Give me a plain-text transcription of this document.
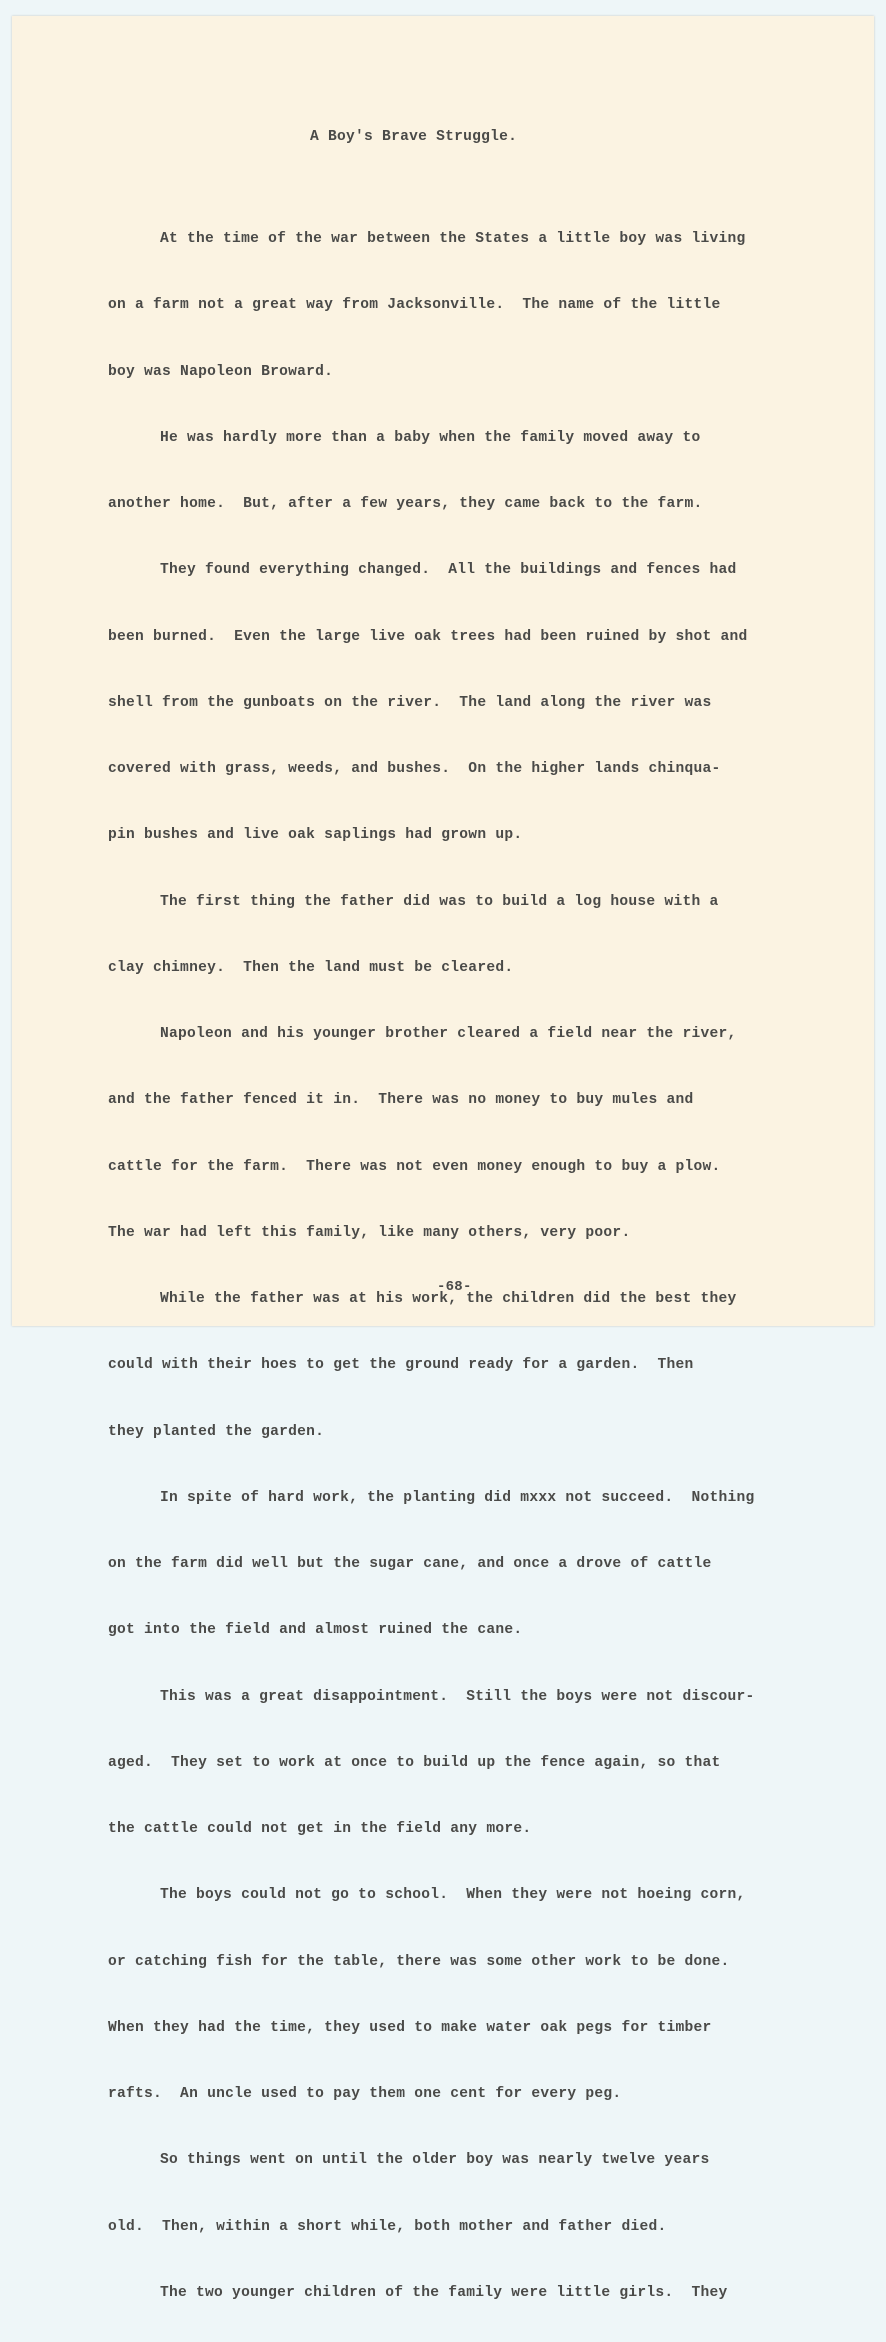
A Boy's Brave Struggle.

At the time of the war between the States a little boy was living

on a farm not a great way from Jacksonville.  The name of the little

boy was Napoleon Broward.

He was hardly more than a baby when the family moved away to

another home.  But, after a few years, they came back to the farm.

They found everything changed.  All the buildings and fences had

been burned.  Even the large live oak trees had been ruined by shot and

shell from the gunboats on the river.  The land along the river was

covered with grass, weeds, and bushes.  On the higher lands chinqua-

pin bushes and live oak saplings had grown up.

The first thing the father did was to build a log house with a

clay chimney.  Then the land must be cleared.

Napoleon and his younger brother cleared a field near the river,

and the father fenced it in.  There was no money to buy mules and

cattle for the farm.  There was not even money enough to buy a plow.

The war had left this family, like many others, very poor.

While the father was at his work, the children did the best they

could with their hoes to get the ground ready for a garden.  Then

they planted the garden.

In spite of hard work, the planting did mxxx not succeed.  Nothing

on the farm did well but the sugar cane, and once a drove of cattle

got into the field and almost ruined the cane.

This was a great disappointment.  Still the boys were not discour-

aged.  They set to work at once to build up the fence again, so that

the cattle could not get in the field any more.

The boys could not go to school.  When they were not hoeing corn,

or catching fish for the table, there was some other work to be done.

When they had the time, they used to make water oak pegs for timber

rafts.  An uncle used to pay them one cent for every peg.

So things went on until the older boy was nearly twelve years

old.  Then, within a short while, both mother and father died.

The two younger children of the family were little girls.  They

-68-
